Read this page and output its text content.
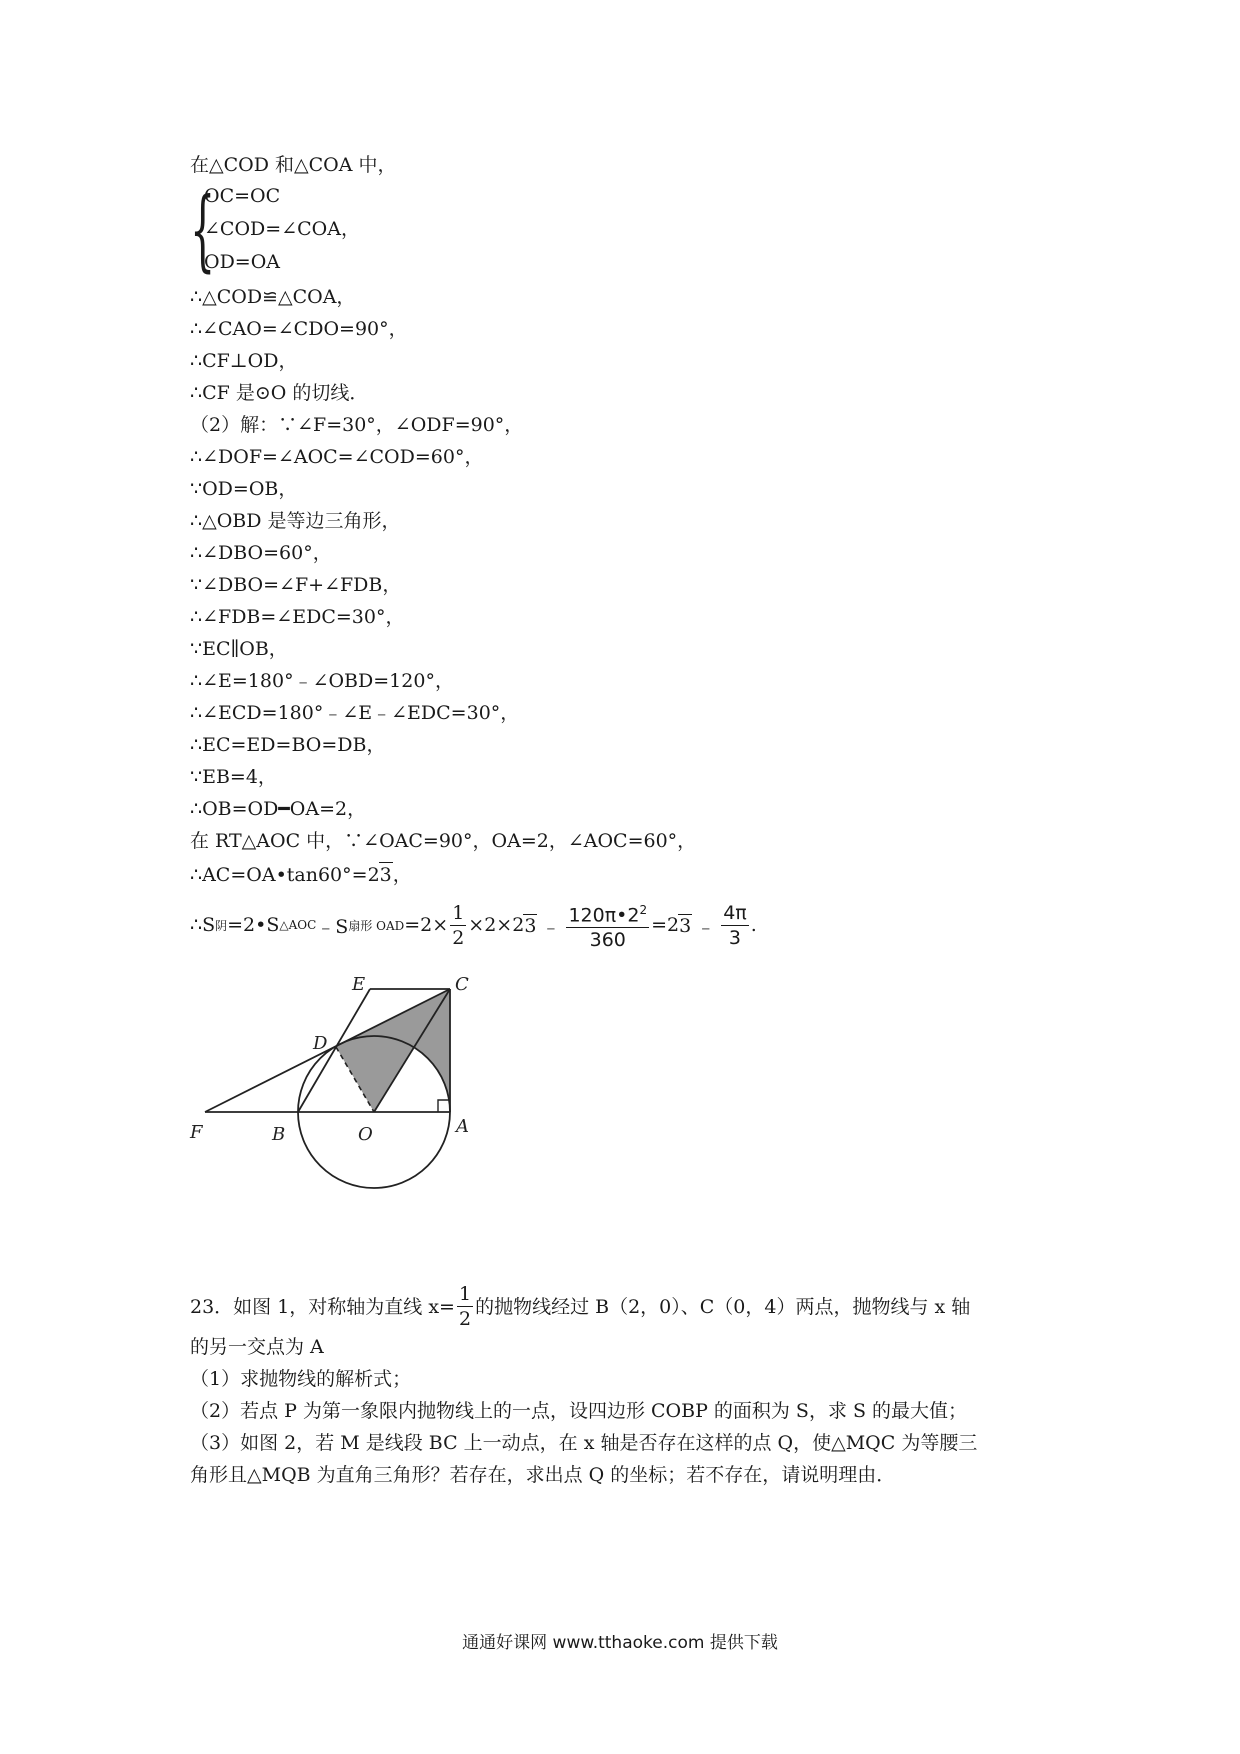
在△COD 和△COA 中，
{
OC=OC
∠COD=∠COA，
OD=OA
∴△COD≌△COA，
∴∠CAO=∠CDO=90°，
∴CF⊥OD，
∴CF 是⊙O 的切线．
（2）解：∵∠F=30°，∠ODF=90°，
∴∠DOF=∠AOC=∠COD=60°，
∵OD=OB，
∴△OBD 是等边三角形，
∴∠DBO=60°，
∵∠DBO=∠F+∠FDB，
∴∠FDB=∠EDC=30°，
∵EC∥OB，
∴∠E=180°﹣∠OBD=120°，
∴∠ECD=180°﹣∠E﹣∠EDC=30°，
∴EC=ED=BO=DB，
∵EB=4，
∴OB=OD━OA=2，
在 RT△AOC 中，∵∠OAC=90°，OA=2，∠AOC=60°，
∴AC=OA•tan60°=23，
∴S 阴 =2•S △AOC ﹣S 扇形 OAD $=2\times \frac{1}{2} \times 2\times 2$ 3 ﹣ $\frac{120\pi•2^2}{360} =2$ 3 ﹣ $\frac{4\pi}{3}$ .
E	C
D
F	B	O	A
23．如图 1，对称轴为直线 $x= \frac{1}{2}$ 的抛物线经过 B（2，0）、C（0，4）两点，抛物线与 x 轴
的另一交点为 A
（1）求抛物线的解析式；
（2）若点 P 为第一象限内抛物线上的一点，设四边形 COBP 的面积为 S，求 S 的最大值；
（3）如图 2，若 M 是线段 BC 上一动点，在 x 轴是否存在这样的点 Q，使△MQC 为等腰三
角形且△MQB 为直角三角形？若存在，求出点 Q 的坐标；若不存在，请说明理由．
通通好课网 www.tthaoke.com 提供下载
